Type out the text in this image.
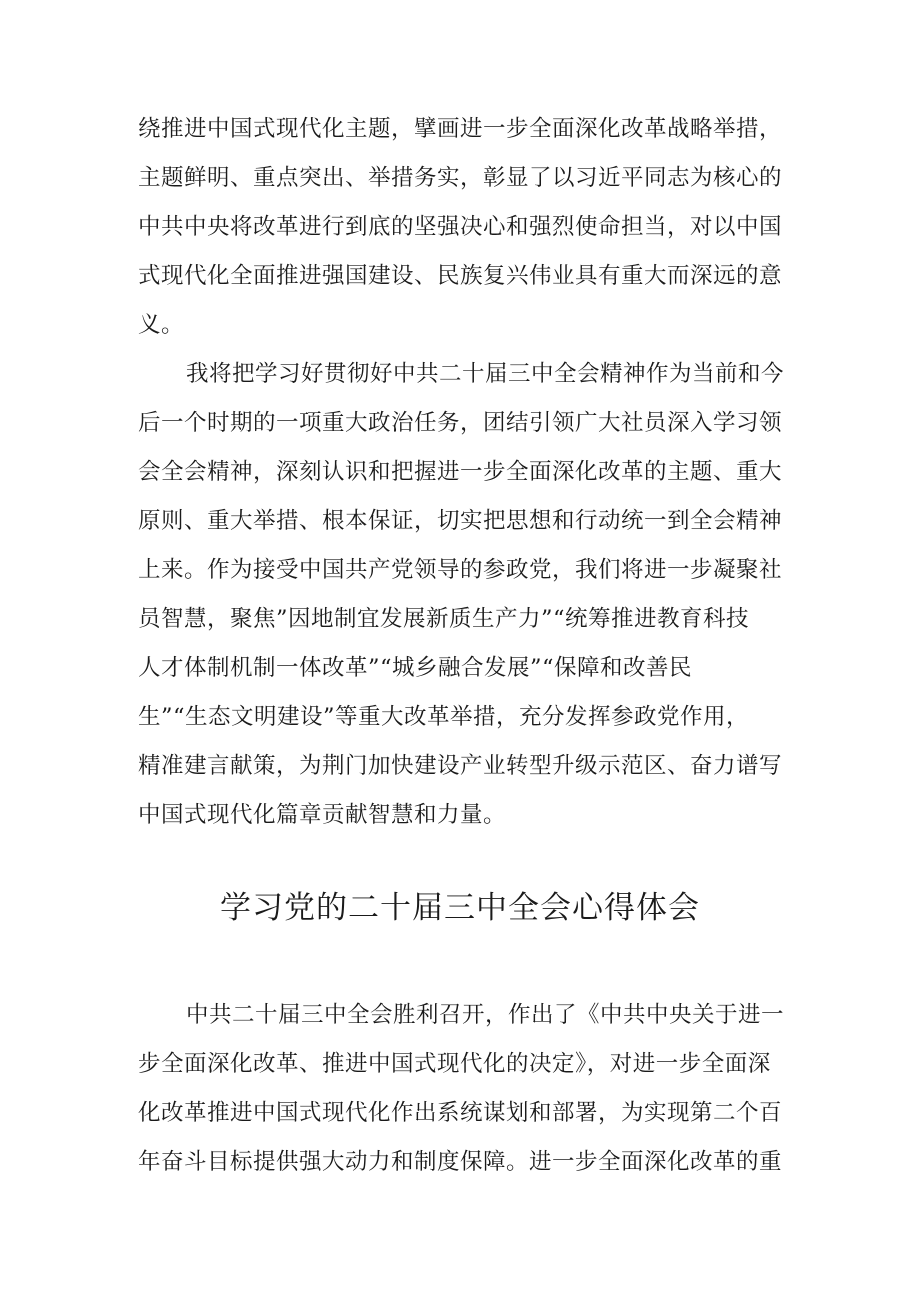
绕推进中国式现代化主题，擘画进一步全面深化改革战略举措，
主题鲜明、重点突出、举措务实，彰显了以习近平同志为核心的
中共中央将改革进行到底的坚强决心和强烈使命担当，对以中国
式现代化全面推进强国建设、民族复兴伟业具有重大而深远的意
义。
我将把学习好贯彻好中共二十届三中全会精神作为当前和今
后一个时期的一项重大政治任务，团结引领广大社员深入学习领
会全会精神，深刻认识和把握进一步全面深化改革的主题、重大
原则、重大举措、根本保证，切实把思想和行动统一到全会精神
上来。作为接受中国共产党领导的参政党，我们将进一步凝聚社
员智慧，聚焦”因地制宜发展新质生产力”“统筹推进教育科技
人才体制机制一体改革”“城乡融合发展”“保障和改善民
生”“生态文明建设”等重大改革举措，充分发挥参政党作用，
精准建言献策，为荆门加快建设产业转型升级示范区、奋力谱写
中国式现代化篇章贡献智慧和力量。
学习党的二十届三中全会心得体会
中共二十届三中全会胜利召开，作出了《中共中央关于进一
步全面深化改革、推进中国式现代化的决定》，对进一步全面深
化改革推进中国式现代化作出系统谋划和部署，为实现第二个百
年奋斗目标提供强大动力和制度保障。进一步全面深化改革的重
